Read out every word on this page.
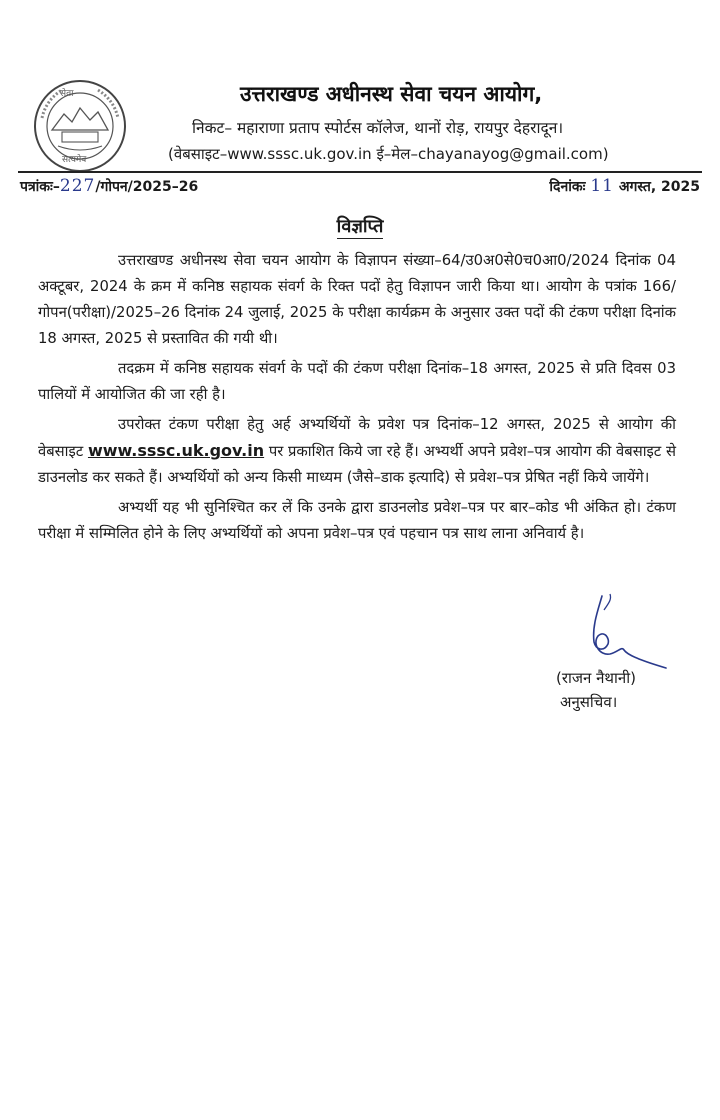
सेवा
सत्यमेव
उत्तराखण्ड अधीनस्थ सेवा चयन आयोग,
निकट– महाराणा प्रताप स्पोर्टस कॉलेज, थानों रोड़, रायपुर देहरादून।
(वेबसाइट–www.sssc.uk.gov.in ई–मेल–chayanayog@gmail.com)
पत्रांकः–227/गोपन/2025–26	दिनांकः 11 अगस्त, 2025
विज्ञप्ति

उत्तराखण्ड अधीनस्थ सेवा चयन आयोग के विज्ञापन संख्या–64/उ0अ0से0च0आ0/2024 दिनांक 04 अक्टूबर, 2024 के क्रम में कनिष्ठ सहायक संवर्ग के रिक्त पदों हेतु विज्ञापन जारी किया था। आयोग के पत्रांक 166/गोपन(परीक्षा)/2025–26 दिनांक 24 जुलाई, 2025 के परीक्षा कार्यक्रम के अनुसार उक्त पदों की टंकण परीक्षा दिनांक 18 अगस्त, 2025 से प्रस्तावित की गयी थी।

तदक्रम में कनिष्ठ सहायक संवर्ग के पदों की टंकण परीक्षा दिनांक–18 अगस्त, 2025 से प्रति दिवस 03 पालियों में आयोजित की जा रही है।

उपरोक्त टंकण परीक्षा हेतु अर्ह अभ्यर्थियों के प्रवेश पत्र दिनांक–12 अगस्त, 2025 से आयोग की वेबसाइट www.sssc.uk.gov.in पर प्रकाशित किये जा रहे हैं। अभ्यर्थी अपने प्रवेश–पत्र आयोग की वेबसाइट से डाउनलोड कर सकते हैं। अभ्यर्थियों को अन्य किसी माध्यम (जैसे–डाक इत्यादि) से प्रवेश–पत्र प्रेषित नहीं किये जायेंगे।

अभ्यर्थी यह भी सुनिश्चित कर लें कि उनके द्वारा डाउनलोड प्रवेश–पत्र पर बार–कोड भी अंकित हो। टंकण परीक्षा में सम्मिलित होने के लिए अभ्यर्थियों को अपना प्रवेश–पत्र एवं पहचान पत्र साथ लाना अनिवार्य है।

(राजन नैथानी)
अनुसचिव।
